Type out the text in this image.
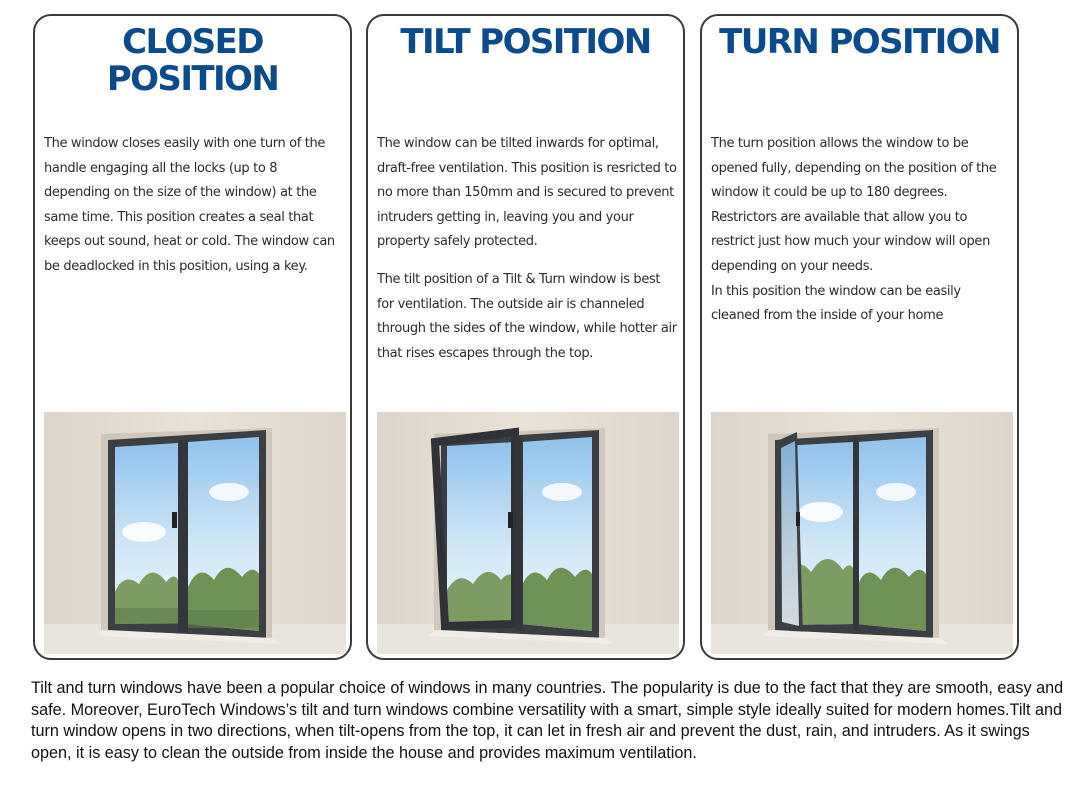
CLOSED
POSITION

The window closes easily with one turn of the handle engaging all the locks (up to 8 depending on the size of the window) at the same time. This position creates a seal that keeps out sound, heat or cold. The window can be deadlocked in this position, using a key.

TILT POSITION

The window can be tilted inwards for optimal, draft-free ventilation. This position is resricted to no more than 150mm and is secured to prevent intruders getting in, leaving you and your property safely protected.

The tilt position of a Tilt & Turn window is best for ventilation. The outside air is channeled through the sides of the window, while hotter air that rises escapes through the top.

TURN POSITION

The turn position allows the window to be opened fully, depending on the position of the window it could be up to 180 degrees. Restrictors are available that allow you to restrict just how much your window will open depending on your needs.

In this position the window can be easily cleaned from the inside of your home

Tilt and turn windows have been a popular choice of windows in many countries. The popularity is due to the fact that they are smooth, easy and safe. Moreover, EuroTech Windows’s tilt and turn windows combine versatility with a smart, simple style ideally suited for modern homes.Tilt and turn window opens in two directions, when tilt-opens from the top, it can let in fresh air and prevent the dust, rain, and intruders. As it swings open, it is easy to clean the outside from inside the house and provides maximum ventilation.
